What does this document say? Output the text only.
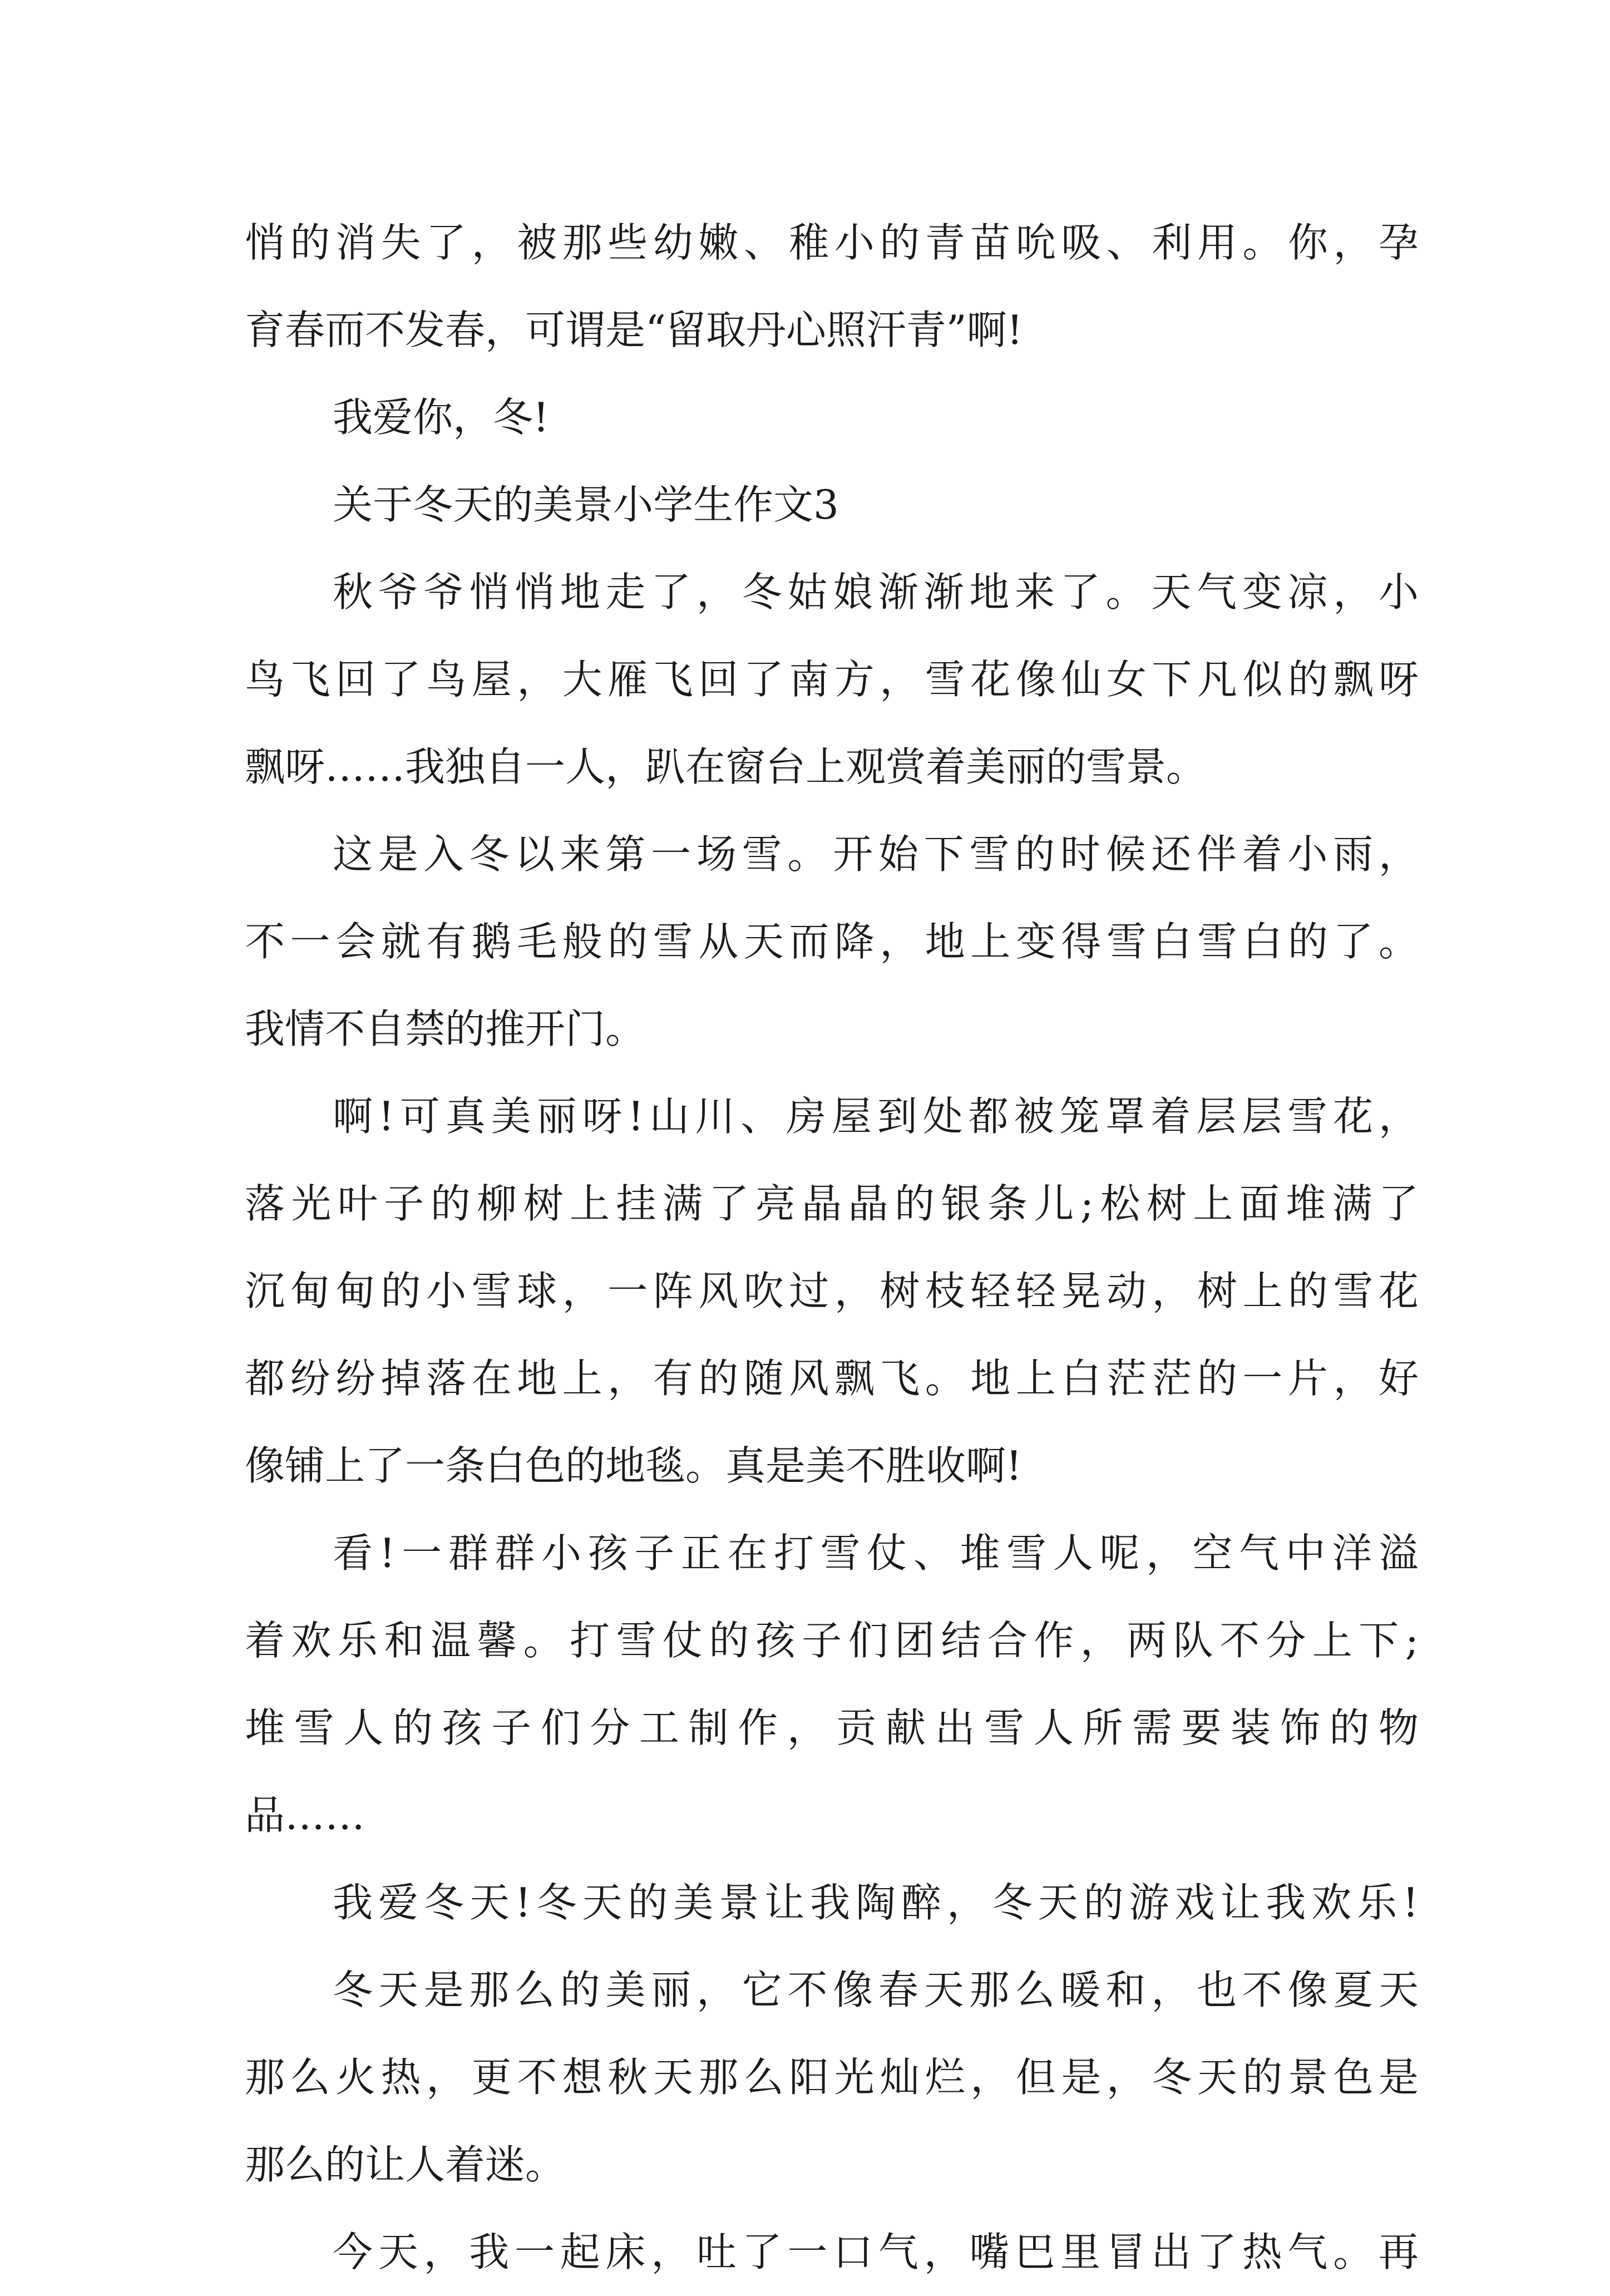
悄的消失了，被那些幼嫩、稚小的青苗吮吸、利用。你，孕
育春而不发春，可谓是“留取丹心照汗青”啊!
我爱你，冬!
关于冬天的美景小学生作文3
秋爷爷悄悄地走了，冬姑娘渐渐地来了。天气变凉，小
鸟飞回了鸟屋，大雁飞回了南方，雪花像仙女下凡似的飘呀
飘呀……我独自一人，趴在窗台上观赏着美丽的雪景。
这是入冬以来第一场雪。开始下雪的时候还伴着小雨，
不一会就有鹅毛般的雪从天而降，地上变得雪白雪白的了。
我情不自禁的推开门。
啊!可真美丽呀!山川、房屋到处都被笼罩着层层雪花，
落光叶子的柳树上挂满了亮晶晶的银条儿;松树上面堆满了
沉甸甸的小雪球，一阵风吹过，树枝轻轻晃动，树上的雪花
都纷纷掉落在地上，有的随风飘飞。地上白茫茫的一片，好
像铺上了一条白色的地毯。真是美不胜收啊!
看!一群群小孩子正在打雪仗、堆雪人呢，空气中洋溢
着欢乐和温馨。打雪仗的孩子们团结合作，两队不分上下;
堆雪人的孩子们分工制作，贡献出雪人所需要装饰的物
品……
我爱冬天!冬天的美景让我陶醉，冬天的游戏让我欢乐!
冬天是那么的美丽，它不像春天那么暖和，也不像夏天
那么火热，更不想秋天那么阳光灿烂，但是，冬天的景色是
那么的让人着迷。
今天，我一起床，吐了一口气，嘴巴里冒出了热气。再
